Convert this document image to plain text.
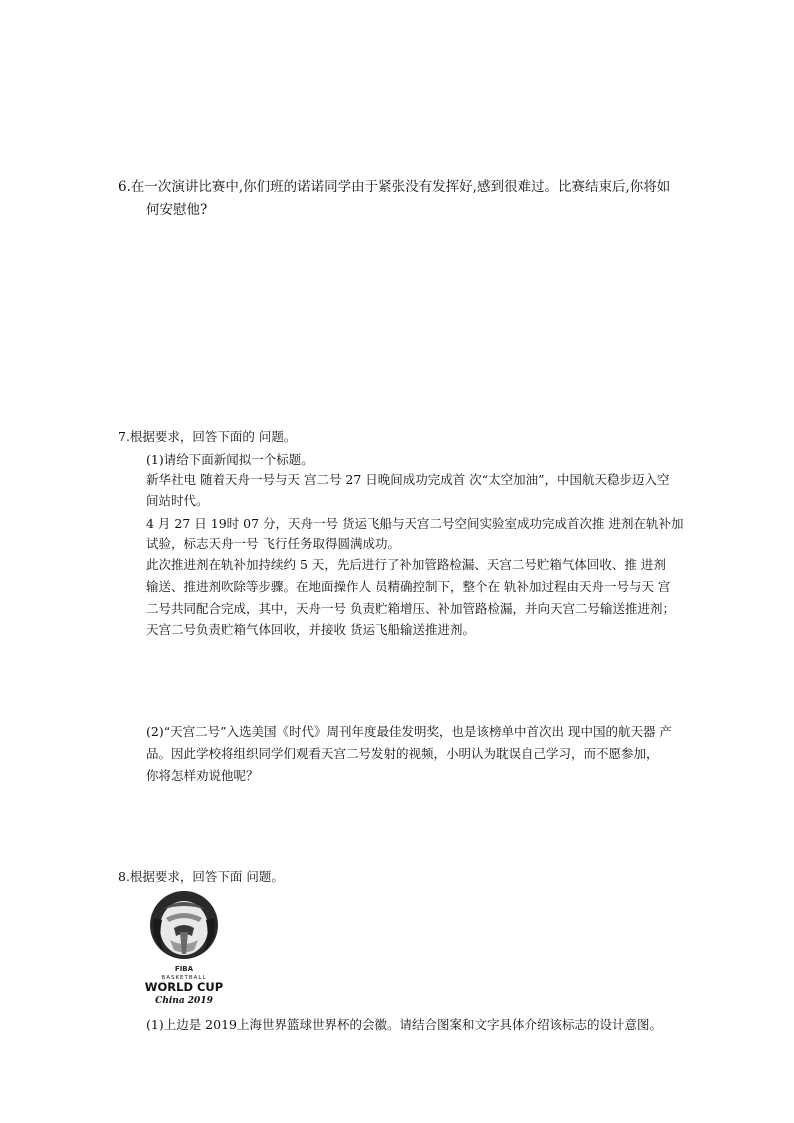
6.在一次演讲比赛中,你们班的诺诺同学由于紧张没有发挥好,感到很难过。比赛结束后,你将如
何安慰他?
7.根据要求，回答下面的 问题。
(1)请给下面新闻拟一个标题。
新华社电 随着天舟一号与天 宫二号 27 日晚间成功完成首 次“太空加油”，中国航天稳步迈入空
间站时代。
4 月 27 日 19时 07 分，天舟一号 货运飞船与天宫二号空间实验室成功完成首次推 进剂在轨补加
试验，标志天舟一号 飞行任务取得圆满成功。
此次推进剂在轨补加持续约 5 天，先后进行了补加管路检漏、天宫二号贮箱气体回收、推 进剂
输送、推进剂吹除等步骤。在地面操作人 员精确控制下，整个在 轨补加过程由天舟一号与天 宫
二号共同配合完成，其中，天舟一号 负责贮箱增压、补加管路检漏，并向天宫二号输送推进剂；
天宫二号负责贮箱气体回收，并接收 货运飞船输送推进剂。
(2)“天宫二号”入选美国《时代》周刊年度最佳发明奖，也是该榜单中首次出 现中国的航天器 产
品。因此学校将组织同学们观看天宫二号发射的视频，小明认为耽误自己学习，而不愿参加，
你将怎样劝说他呢？
8.根据要求，回答下面 问题。
FIBA
BASKETBALL
WORLD CUP
China 2019
(1)上边是 2019上海世界篮球世界杯的会徽。请结合图案和文字具体介绍该标志的设计意图。
